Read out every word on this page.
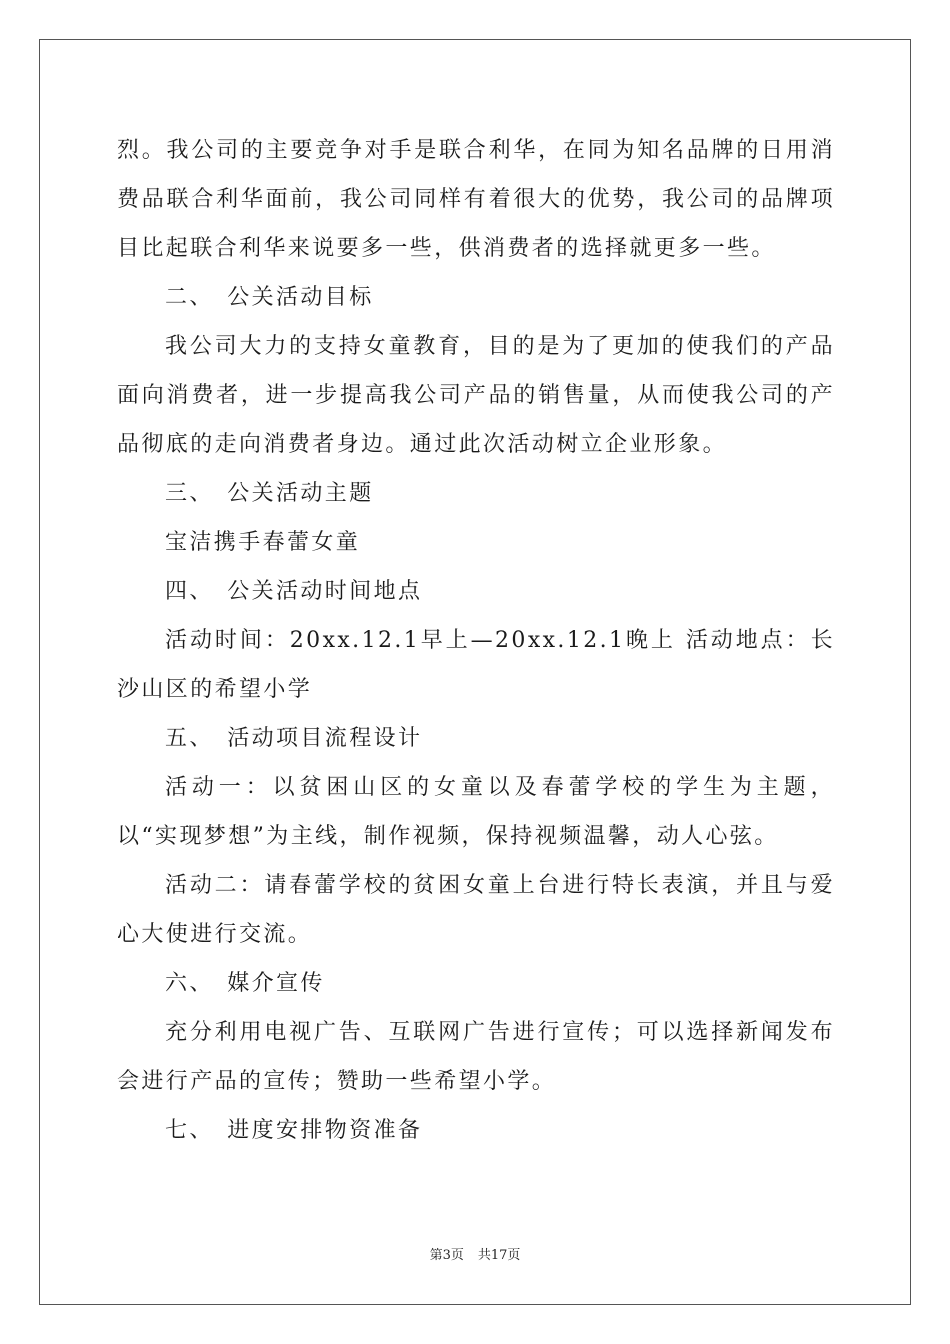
烈。我公司的主要竞争对手是联合利华，在同为知名品牌的日用消费品联合利华面前，我公司同样有着很大的优势，我公司的品牌项目比起联合利华来说要多一些，供消费者的选择就更多一些。

二、　公关活动目标

我公司大力的支持女童教育，目的是为了更加的使我们的产品面向消费者，进一步提高我公司产品的销售量，从而使我公司的产品彻底的走向消费者身边。通过此次活动树立企业形象。

三、　公关活动主题

宝洁携手春蕾女童

四、　公关活动时间地点

活动时间：20xx.12.1早上—20xx.12.1晚上 活动地点：长沙山区的希望小学

五、　活动项目流程设计

活动一：以贫困山区的女童以及春蕾学校的学生为主题，以“实现梦想”为主线，制作视频，保持视频温馨，动人心弦。

活动二：请春蕾学校的贫困女童上台进行特长表演，并且与爱心大使进行交流。

六、　媒介宣传

充分利用电视广告、互联网广告进行宣传；可以选择新闻发布会进行产品的宣传；赞助一些希望小学。

七、　进度安排物资准备

第3页 共17页
